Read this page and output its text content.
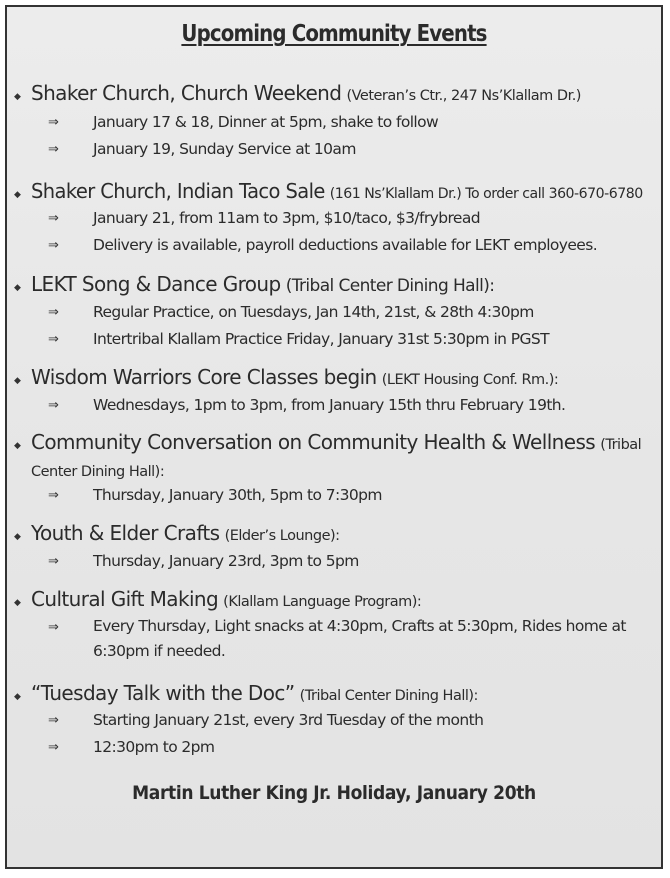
Upcoming Community Events
◆ Shaker Church, Church Weekend (Veteran’s Ctr., 247 Ns’Klallam Dr.)
⇒ January 17 & 18, Dinner at 5pm, shake to follow
⇒ January 19, Sunday Service at 10am
◆ Shaker Church, Indian Taco Sale (161 Ns’Klallam Dr.) To order call 360-670-6780
⇒ January 21, from 11am to 3pm, $10/taco, $3/frybread
⇒ Delivery is available, payroll deductions available for LEKT employees.
◆ LEKT Song & Dance Group (Tribal Center Dining Hall):
⇒ Regular Practice, on Tuesdays, Jan 14th, 21st, & 28th 4:30pm
⇒ Intertribal Klallam Practice Friday, January 31st 5:30pm in PGST
◆ Wisdom Warriors Core Classes begin (LEKT Housing Conf. Rm.):
⇒ Wednesdays, 1pm to 3pm, from January 15th thru February 19th.
◆ Community Conversation on Community Health & Wellness (Tribal Center Dining Hall):
⇒ Thursday, January 30th, 5pm to 7:30pm
◆ Youth & Elder Crafts (Elder’s Lounge):
⇒ Thursday, January 23rd, 3pm to 5pm
◆ Cultural Gift Making (Klallam Language Program):
⇒ Every Thursday, Light snacks at 4:30pm, Crafts at 5:30pm, Rides home at 6:30pm if needed.
◆ “Tuesday Talk with the Doc” (Tribal Center Dining Hall):
⇒ Starting January 21st, every 3rd Tuesday of the month
⇒ 12:30pm to 2pm
Martin Luther King Jr. Holiday, January 20th
